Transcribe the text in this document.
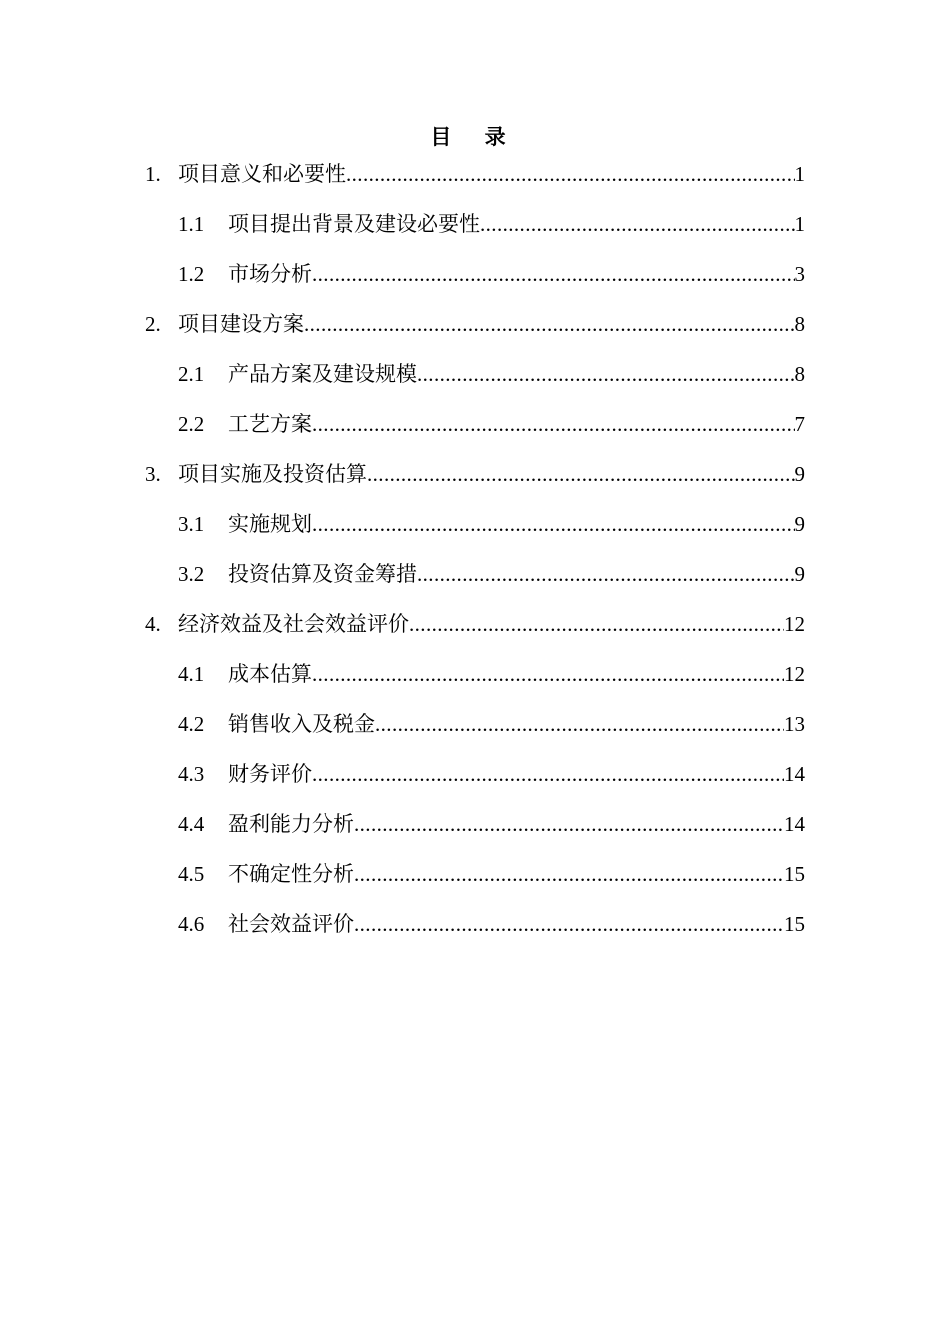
目 录
1. 项目意义和必要性 .....	1
1.1	项目提出背景及建设必要性 .....	1
1.2	市场分析 .....	3
2. 项目建设方案 .....	8
2.1	产品方案及建设规模 .....	8
2.2	工艺方案 .....	7
3. 项目实施及投资估算 .....	9
3.1	实施规划 .....	9
3.2	投资估算及资金筹措 .....	9
4. 经济效益及社会效益评价 .....	12
4.1	成本估算 .....	12
4.2	销售收入及税金 .....	13
4.3	财务评价 .....	14
4.4	盈利能力分析 .....	14
4.5	不确定性分析 .....	15
4.6	社会效益评价 .....	15
